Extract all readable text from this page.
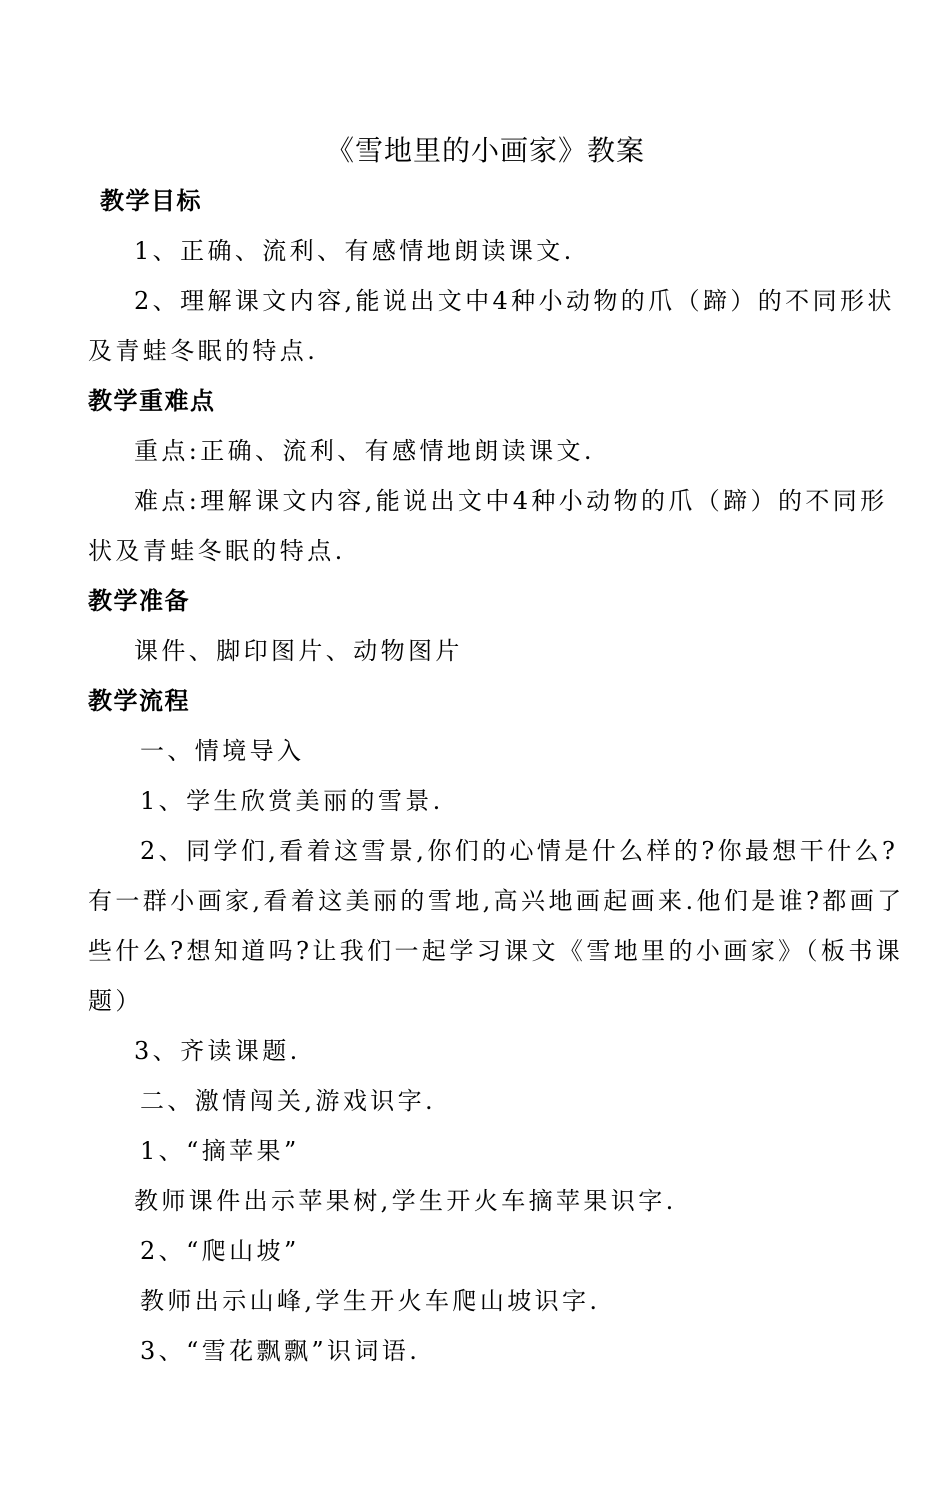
《雪地里的小画家》教案
教学目标
1、正确、流利、有感情地朗读课文.
2、理解课文内容,能说出文中4种小动物的爪（蹄）的不同形状
及青蛙冬眠的特点.
教学重难点
重点:正确、流利、有感情地朗读课文.
难点:理解课文内容,能说出文中4种小动物的爪（蹄）的不同形
状及青蛙冬眠的特点.
教学准备
课件、脚印图片、动物图片
教学流程
一、情境导入
1、学生欣赏美丽的雪景.
2、同学们,看着这雪景,你们的心情是什么样的?你最想干什么?
有一群小画家,看着这美丽的雪地,高兴地画起画来.他们是谁?都画了
些什么?想知道吗?让我们一起学习课文《雪地里的小画家》（板书课
题）
3、齐读课题.
二、激情闯关,游戏识字.
1、“摘苹果”
教师课件出示苹果树,学生开火车摘苹果识字.
2、“爬山坡”
教师出示山峰,学生开火车爬山坡识字.
3、“雪花飘飘”识词语.
